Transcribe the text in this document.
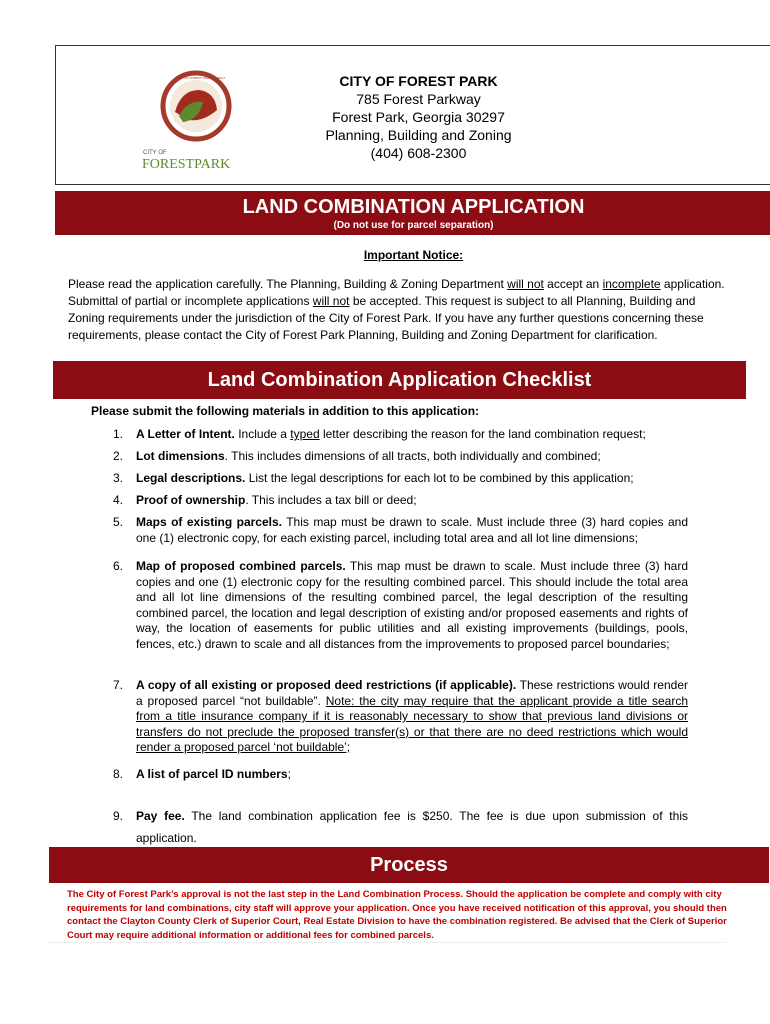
CITY OF
FORESTPARK
CITY OF FOREST PARK GEORGIA	CITY OF FOREST PARK
785 Forest Parkway
Forest Park, Georgia 30297
Planning, Building and Zoning
(404) 608-2300
LAND COMBINATION APPLICATION
(Do not use for parcel separation)
Important Notice:
Please read the application carefully. The Planning, Building & Zoning Department will not accept an incomplete application. Submittal of partial or incomplete applications will not be accepted. This request is subject to all Planning, Building and Zoning requirements under the jurisdiction of the City of Forest Park. If you have any further questions concerning these requirements, please contact the City of Forest Park Planning, Building and Zoning Department for clarification.
Land Combination Application Checklist
Please submit the following materials in addition to this application:
1. A Letter of Intent. Include a typed letter describing the reason for the land combination request;
2. Lot dimensions. This includes dimensions of all tracts, both individually and combined;
3. Legal descriptions. List the legal descriptions for each lot to be combined by this application;
4. Proof of ownership. This includes a tax bill or deed;
5. Maps of existing parcels. This map must be drawn to scale. Must include three (3) hard copies and one (1) electronic copy, for each existing parcel, including total area and all lot line dimensions;
6. Map of proposed combined parcels. This map must be drawn to scale. Must include three (3) hard copies and one (1) electronic copy for the resulting combined parcel. This should include the total area and all lot line dimensions of the resulting combined parcel, the legal description of the resulting combined parcel, the location and legal description of existing and/or proposed easements and rights of way, the location of easements for public utilities and all existing improvements (buildings, pools, fences, etc.) drawn to scale and all distances from the improvements to proposed parcel boundaries;
7. A copy of all existing or proposed deed restrictions (if applicable). These restrictions would render a proposed parcel “not buildable”. Note: the city may require that the applicant provide a title search from a title insurance company if it is reasonably necessary to show that previous land divisions or transfers do not preclude the proposed transfer(s) or that there are no deed restrictions which would render a proposed parcel ‘not buildable’;
8. A list of parcel ID numbers;
9. Pay fee. The land combination application fee is $250. The fee is due upon submission of this application.
Process
The City of Forest Park’s approval is not the last step in the Land Combination Process. Should the application be complete and comply with city requirements for land combinations, city staff will approve your application. Once you have received notification of this approval, you should then contact the Clayton County Clerk of Superior Court, Real Estate Division to have the combination registered. Be advised that the Clerk of Superior Court may require additional information or additional fees for combined parcels.
